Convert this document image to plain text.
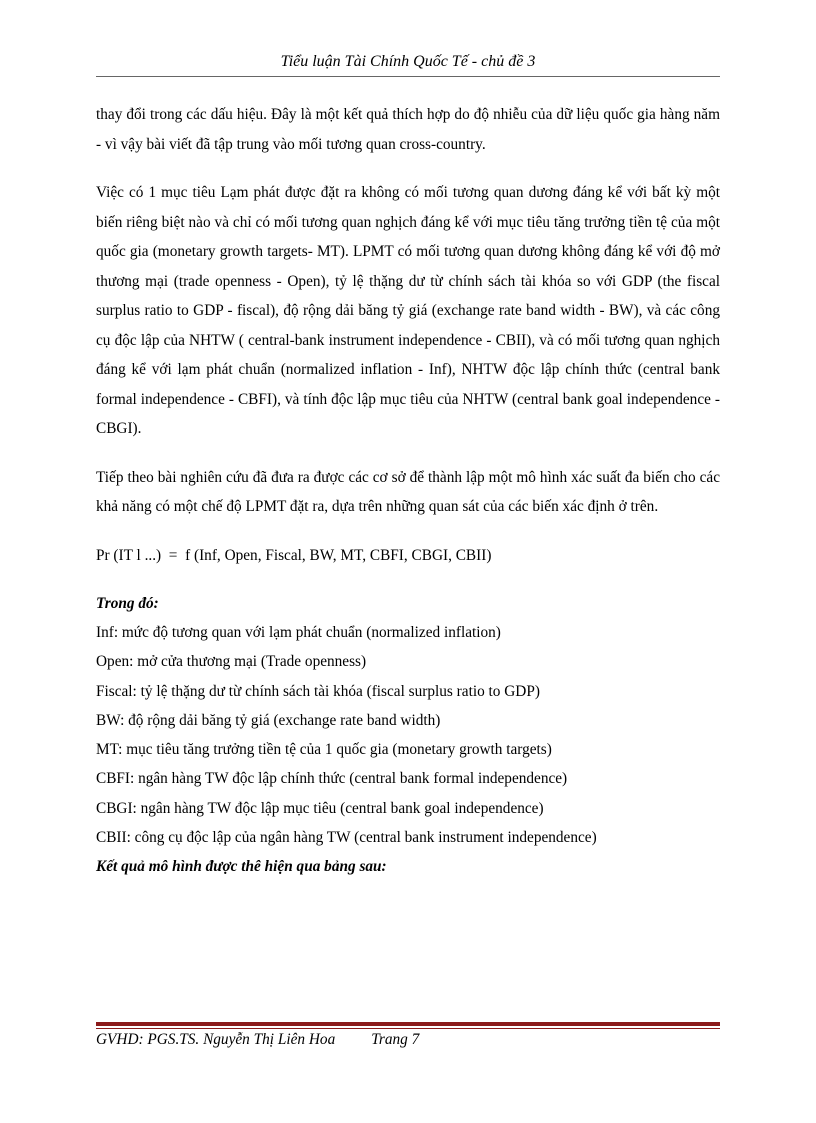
Tiểu luận Tài Chính Quốc Tế - chủ đề 3

thay đổi trong các dấu hiệu. Đây là một kết quả thích hợp do độ nhiễu của dữ liệu quốc gia hàng năm - vì vậy bài viết đã tập trung vào mối tương quan cross-country.

Việc có 1 mục tiêu Lạm phát được đặt ra không có mối tương quan dương đáng kể với bất kỳ một biến riêng biệt nào và chỉ có mối tương quan nghịch đáng kể với mục tiêu tăng trưởng tiền tệ của một quốc gia (monetary growth targets- MT). LPMT có mối tương quan dương không đáng kể với độ mở thương mại (trade openness - Open), tỷ lệ thặng dư từ chính sách tài khóa so với GDP (the fiscal surplus ratio to GDP - fiscal), độ rộng dải băng tỷ giá (exchange rate band width - BW), và các công cụ độc lập của NHTW ( central-bank instrument independence - CBII), và có mối tương quan nghịch đáng kể với lạm phát chuẩn (normalized inflation - Inf), NHTW độc lập chính thức (central bank formal independence - CBFI), và tính độc lập mục tiêu của NHTW (central bank goal independence - CBGI).

Tiếp theo bài nghiên cứu đã đưa ra được các cơ sở để thành lập một mô hình xác suất đa biến cho các khả năng có một chế độ LPMT đặt ra, dựa trên những quan sát của các biến xác định ở trên.

Pr (IT l ...)  =  f (Inf, Open, Fiscal, BW, MT, CBFI, CBGI, CBII)

Trong đó:

Inf: mức độ tương quan với lạm phát chuẩn (normalized inflation)
Open: mở cửa thương mại (Trade openness)
Fiscal: tỷ lệ thặng dư từ chính sách tài khóa (fiscal surplus ratio to GDP)
BW: độ rộng dải băng tỷ giá (exchange rate band width)
MT: mục tiêu tăng trưởng tiền tệ của 1 quốc gia (monetary growth targets)
CBFI: ngân hàng TW độc lập chính thức (central bank formal independence)
CBGI: ngân hàng TW độc lập mục tiêu (central bank goal independence)
CBII: công cụ độc lập của ngân hàng TW (central bank instrument independence)

Kết quả mô hình được thê hiện qua bảng sau:

GVHD: PGS.TS. Nguyễn Thị Liên Hoa Trang 7
